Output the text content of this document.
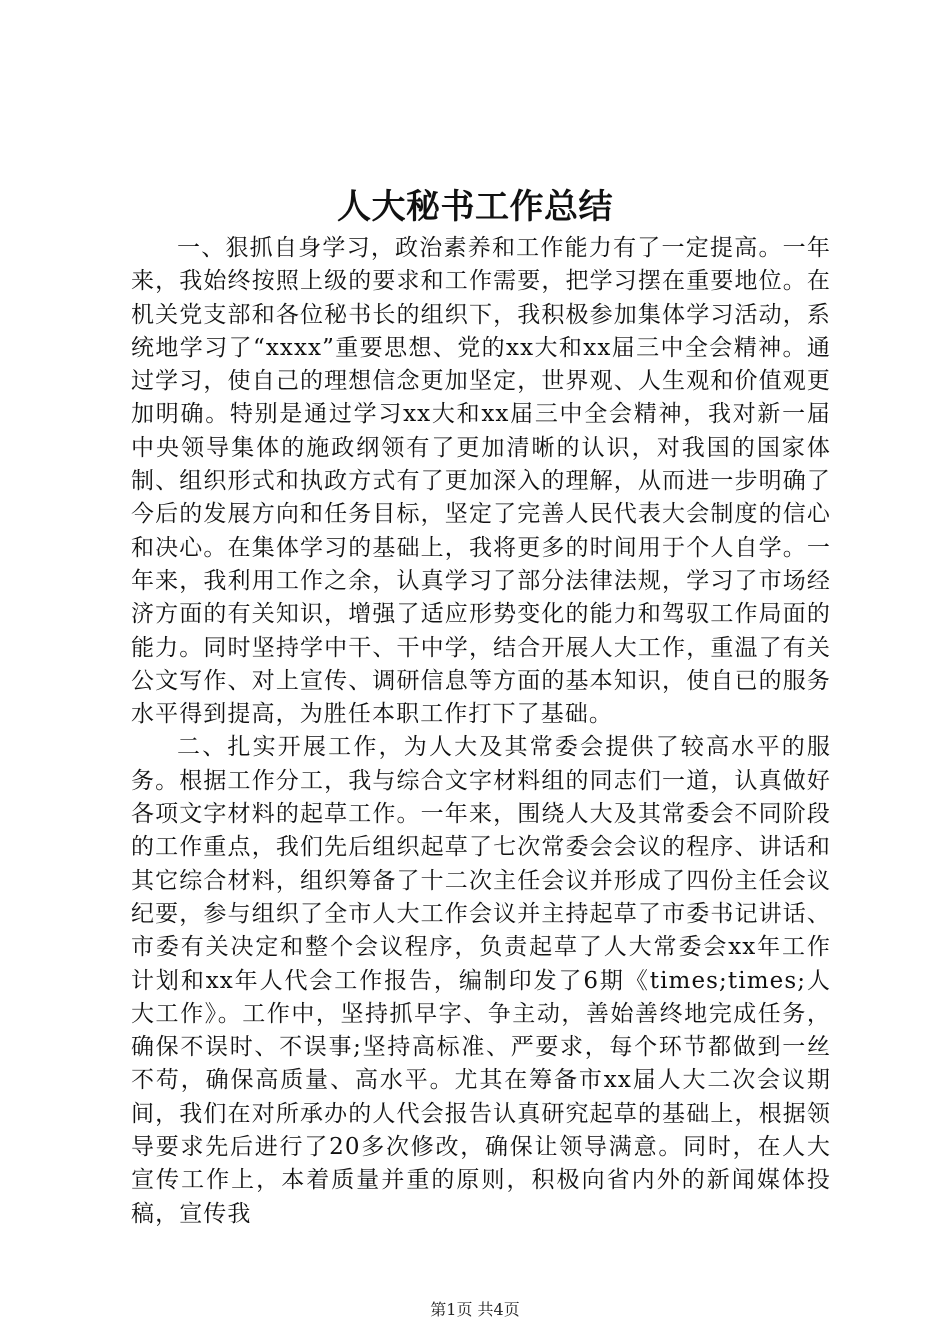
人大秘书工作总结

一、狠抓自身学习，政治素养和工作能力有了一定提高。一年来，我始终按照上级的要求和工作需要，把学习摆在重要地位。在机关党支部和各位秘书长的组织下，我积极参加集体学习活动，系统地学习了“xxxx”重要思想、党的xx大和xx届三中全会精神。通过学习，使自己的理想信念更加坚定，世界观、人生观和价值观更加明确。特别是通过学习xx大和xx届三中全会精神，我对新一届中央领导集体的施政纲领有了更加清晰的认识，对我国的国家体制、组织形式和执政方式有了更加深入的理解，从而进一步明确了今后的发展方向和任务目标，坚定了完善人民代表大会制度的信心和决心。在集体学习的基础上，我将更多的时间用于个人自学。一年来，我利用工作之余，认真学习了部分法律法规，学习了市场经济方面的有关知识，增强了适应形势变化的能力和驾驭工作局面的能力。同时坚持学中干、干中学，结合开展人大工作，重温了有关公文写作、对上宣传、调研信息等方面的基本知识，使自已的服务水平得到提高，为胜任本职工作打下了基础。

二、扎实开展工作，为人大及其常委会提供了较高水平的服务。根据工作分工，我与综合文字材料组的同志们一道，认真做好各项文字材料的起草工作。一年来，围绕人大及其常委会不同阶段的工作重点，我们先后组织起草了七次常委会会议的程序、讲话和其它综合材料，组织筹备了十二次主任会议并形成了四份主任会议纪要，参与组织了全市人大工作会议并主持起草了市委书记讲话、市委有关决定和整个会议程序，负责起草了人大常委会xx年工作计划和xx年人代会工作报告，编制印发了6期《times;times;人大工作》。工作中，坚持抓早字、争主动，善始善终地完成任务，确保不误时、不误事;坚持高标准、严要求，每个环节都做到一丝不苟，确保高质量、高水平。尤其在筹备市xx届人大二次会议期间，我们在对所承办的人代会报告认真研究起草的基础上，根据领导要求先后进行了20多次修改，确保让领导满意。同时，在人大宣传工作上，本着质量并重的原则，积极向省内外的新闻媒体投稿，宣传我

第1页 共4页
